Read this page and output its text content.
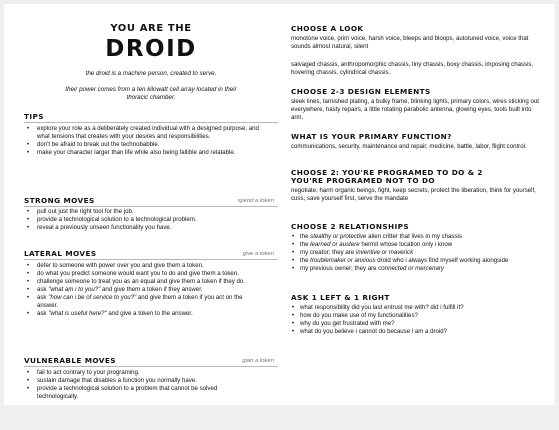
YOU ARE THE
DROID
the droid is a machine person, created to serve.
their power comes from a ten kilowatt cell array located in their
thoracic chamber.
TIPS
• explore your role as a deliberately created individual with a designed purpose, and what tensions that creates with your desires and responsibilities.
• don't be afraid to break out the technobabble.
• make your character larger than life while also being fallible and relatable.
STRONG MOVES	spend a token
• pull out just the right tool for the job.
• provide a technological solution to a technological problem.
• reveal a previously unseen functionality you have.
LATERAL MOVES	give a token
• defer to someone with power over you and give them a token.
• do what you predict someone would want you to do and give them a token.
• challenge someone to treat you as an equal and give them a token if they do.
• ask "what am i to you?" and give them a token if they answer.
• ask "how can i be of service to you?" and give them a token if you act on the answer.
• ask "what is useful here?" and give a token to the answer.
VULNERABLE MOVES	gain a token
• fail to act contrary to your programing.
• sustain damage that disables a function you normally have.
• provide a technological solution to a problem that cannot be solved technologically.
CHOOSE A LOOK
monotone voice, prim voice, harsh voice, bleeps and bloops, autotuned voice, voice that sounds almost natural, silent
salvaged chassis, anthropomorphic chassis, tiny chassis, boxy chassis, imposing chassis, hovering chassis, cylindrical chassis.
CHOOSE 2-3 DESIGN ELEMENTS
sleek lines, tarnished plating, a bulky frame, blinking lights, primary colors, wires sticking out everywhere, hasty repairs, a little rotating parabolic antenna, glowing eyes, tools built into arm.
WHAT IS YOUR PRIMARY FUNCTION?
communications, security, maintenance and repair, medicine, battle, labor, flight control.
CHOOSE 2: YOU'RE PROGRAMED TO DO & 2
YOU'RE PROGRAMED NOT TO DO
negotiate, harm organic beings, fight, keep secrets, protect the liberation, think for yourself, cuss, save yourself first, serve the mandate
CHOOSE 2 RELATIONSHIPS
• the stealthy or protective alien critter that lives in my chassis
• the learned or austere hermit whose location only i know
• my creator; they are inventive or maverick
• the troublemaker or anxious droid who i always find myself working alongside
• my previous owner; they are connected or mercenary
ASK 1 LEFT & 1 RIGHT
• what responsibility did you last entrust me with? did i fulfill it?
• how do you make use of my functionalities?
• why do you get frustrated with me?
• what do you believe i cannot do because i am a droid?
